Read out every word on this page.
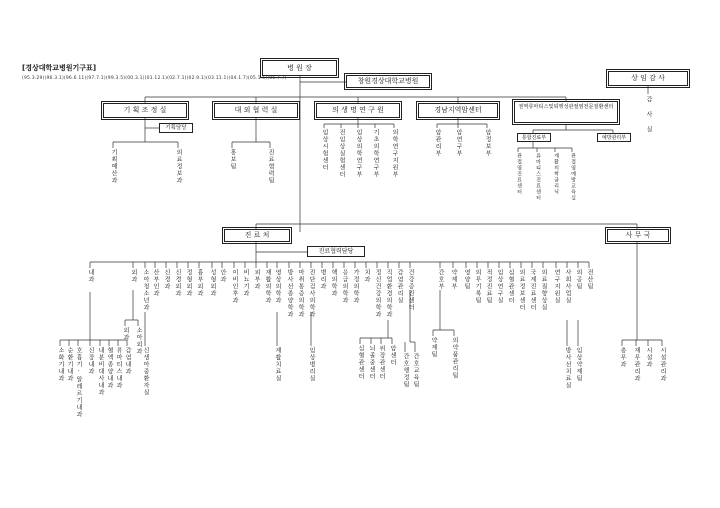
[경상대학교병원기구표]
(95.3.29)(96.3.1)(96.6.11)(97.7.1)(99.3.5)(00.3.1)(01.12.1)(02.7.1)(02.9.1)(03.11.1)(04.1.7)(05.1.5)(05.7.7)
병 원 장
창원경상대학교병원	상 임 감 사
감 사 실
기 획 조 정 실
기획담당
기획예산과	의료정보과
대 외 협 력 실
홍보팀	진료협력팀
의 생 명 연 구 원
임상시험센터 전임상실험센터 임상의학연구부 기초의학연구부 의학연구지원부
경남지역암센터
암관리부 암연구부	암정보부
권역류마티스및퇴행성관절염전문질환센터
통합진료부	예방관리부
관절염진료센터	류마티스진료센터 재활의학클리닉 관절염예방교육실
진 료 처
진료협력담당
사 무 국
내과	외과 소아청소년과 산부인과 신경과 신경외과 정형외과 흉부외과 성형외과 안과 이비인후과 비뇨기과 피부과 재활의학과 영상의학과 방사선종양학과 마취통증의학과 진단검사의학과 병리과 핵의학과 응급의학과 가정의학과 치과 정신건강의학과 직업환경의학과 감염관리실 건강증진센터	간호부 약제부 영양팀 의무기록팀 적정진료팀 임상연구실 심혈관센터 의료정보센터 국제진료센터 의료질향상실 연구지원실 사회사업실 의공팀 전산팀
소화기내과 순환기내과 호흡기·알레르기내과 신장내과 내분비대사내과 혈액종양내과 류마티스내과 감염내과
외과 소아외과
신생아중환자실	재활치료실	임상병리실	심혈관센터 뇌졸중센터 위장관센터 암센터 간호행정팀 간호교육팀
약제팀 의약품관리팀	방사선치료실 임상약제팀	총무과 재무관리과 시설과 시설관리과
